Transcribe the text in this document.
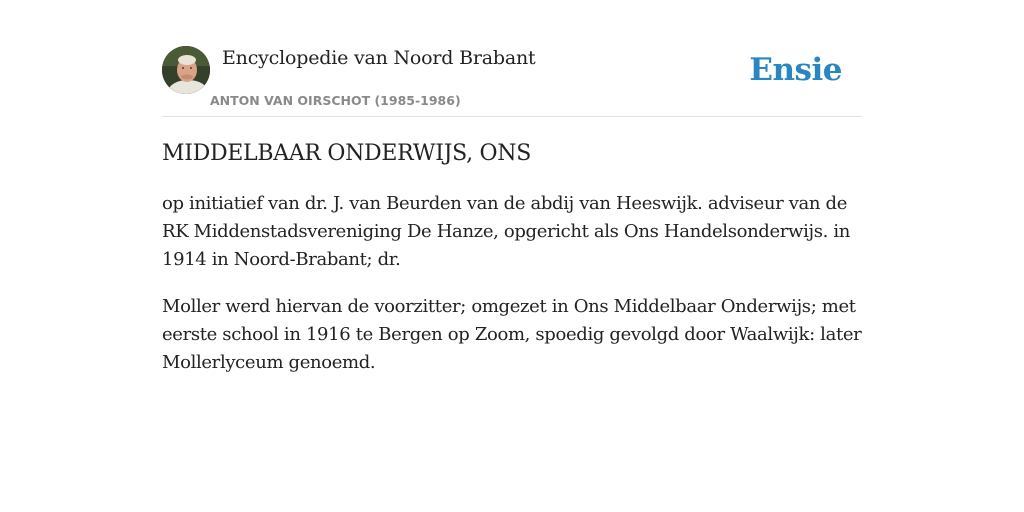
Encyclopedie van Noord Brabant
ANTON VAN OIRSCHOT (1985-1986)
Ensie
MIDDELBAAR ONDERWIJS, ONS

op initiatief van dr. J. van Beurden van de abdij van Heeswijk. adviseur van de RK Middenstadsvereniging De Hanze, opgericht als Ons Handelsonderwijs. in 1914 in Noord-Brabant; dr.

Moller werd hiervan de voorzitter; omgezet in Ons Middelbaar Onderwijs; met eerste school in 1916 te Bergen op Zoom, spoedig gevolgd door Waalwijk: later Mollerlyceum genoemd.
